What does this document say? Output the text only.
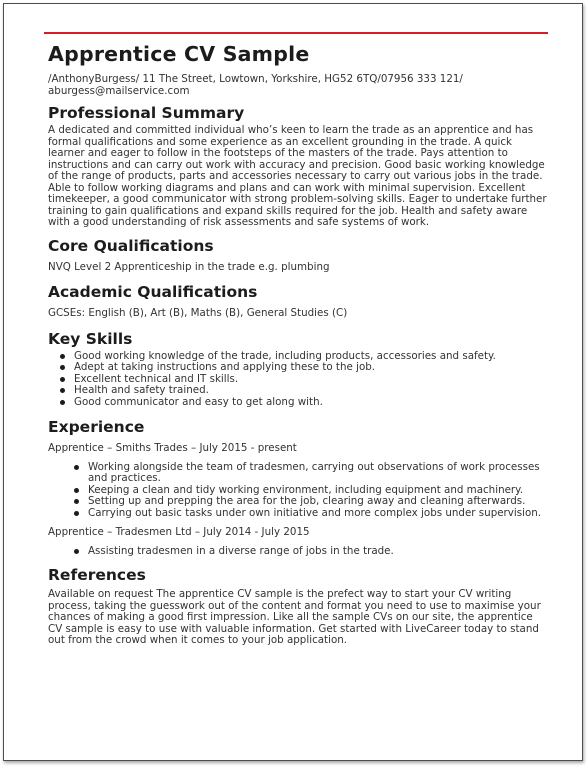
Apprentice CV Sample
/AnthonyBurgess/ 11 The Street, Lowtown, Yorkshire, HG52 6TQ/07956 333 121/ aburgess@mailservice.com
Professional Summary
A dedicated and committed individual who’s keen to learn the trade as an apprentice and has formal qualifications and some experience as an excellent grounding in the trade. A quick learner and eager to follow in the footsteps of the masters of the trade. Pays attention to instructions and can carry out work with accuracy and precision. Good basic working knowledge of the range of products, parts and accessories necessary to carry out various jobs in the trade. Able to follow working diagrams and plans and can work with minimal supervision. Excellent timekeeper, a good communicator with strong problem-solving skills. Eager to undertake further training to gain qualifications and expand skills required for the job. Health and safety aware with a good understanding of risk assessments and safe systems of work.
Core Qualifications
NVQ Level 2 Apprenticeship in the trade e.g. plumbing
Academic Qualifications
GCSEs: English (B), Art (B), Maths (B), General Studies (C)
Key Skills
Good working knowledge of the trade, including products, accessories and safety.
Adept at taking instructions and applying these to the job.
Excellent technical and IT skills.
Health and safety trained.
Good communicator and easy to get along with.
Experience
Apprentice – Smiths Trades – July 2015 - present
Working alongside the team of tradesmen, carrying out observations of work processes and practices.
Keeping a clean and tidy working environment, including equipment and machinery.
Setting up and prepping the area for the job, clearing away and cleaning afterwards.
Carrying out basic tasks under own initiative and more complex jobs under supervision.
Apprentice – Tradesmen Ltd – July 2014 - July 2015
Assisting tradesmen in a diverse range of jobs in the trade.
References
Available on request The apprentice CV sample is the prefect way to start your CV writing process, taking the guesswork out of the content and format you need to use to maximise your chances of making a good first impression. Like all the sample CVs on our site, the apprentice CV sample is easy to use with valuable information. Get started with LiveCareer today to stand out from the crowd when it comes to your job application.
